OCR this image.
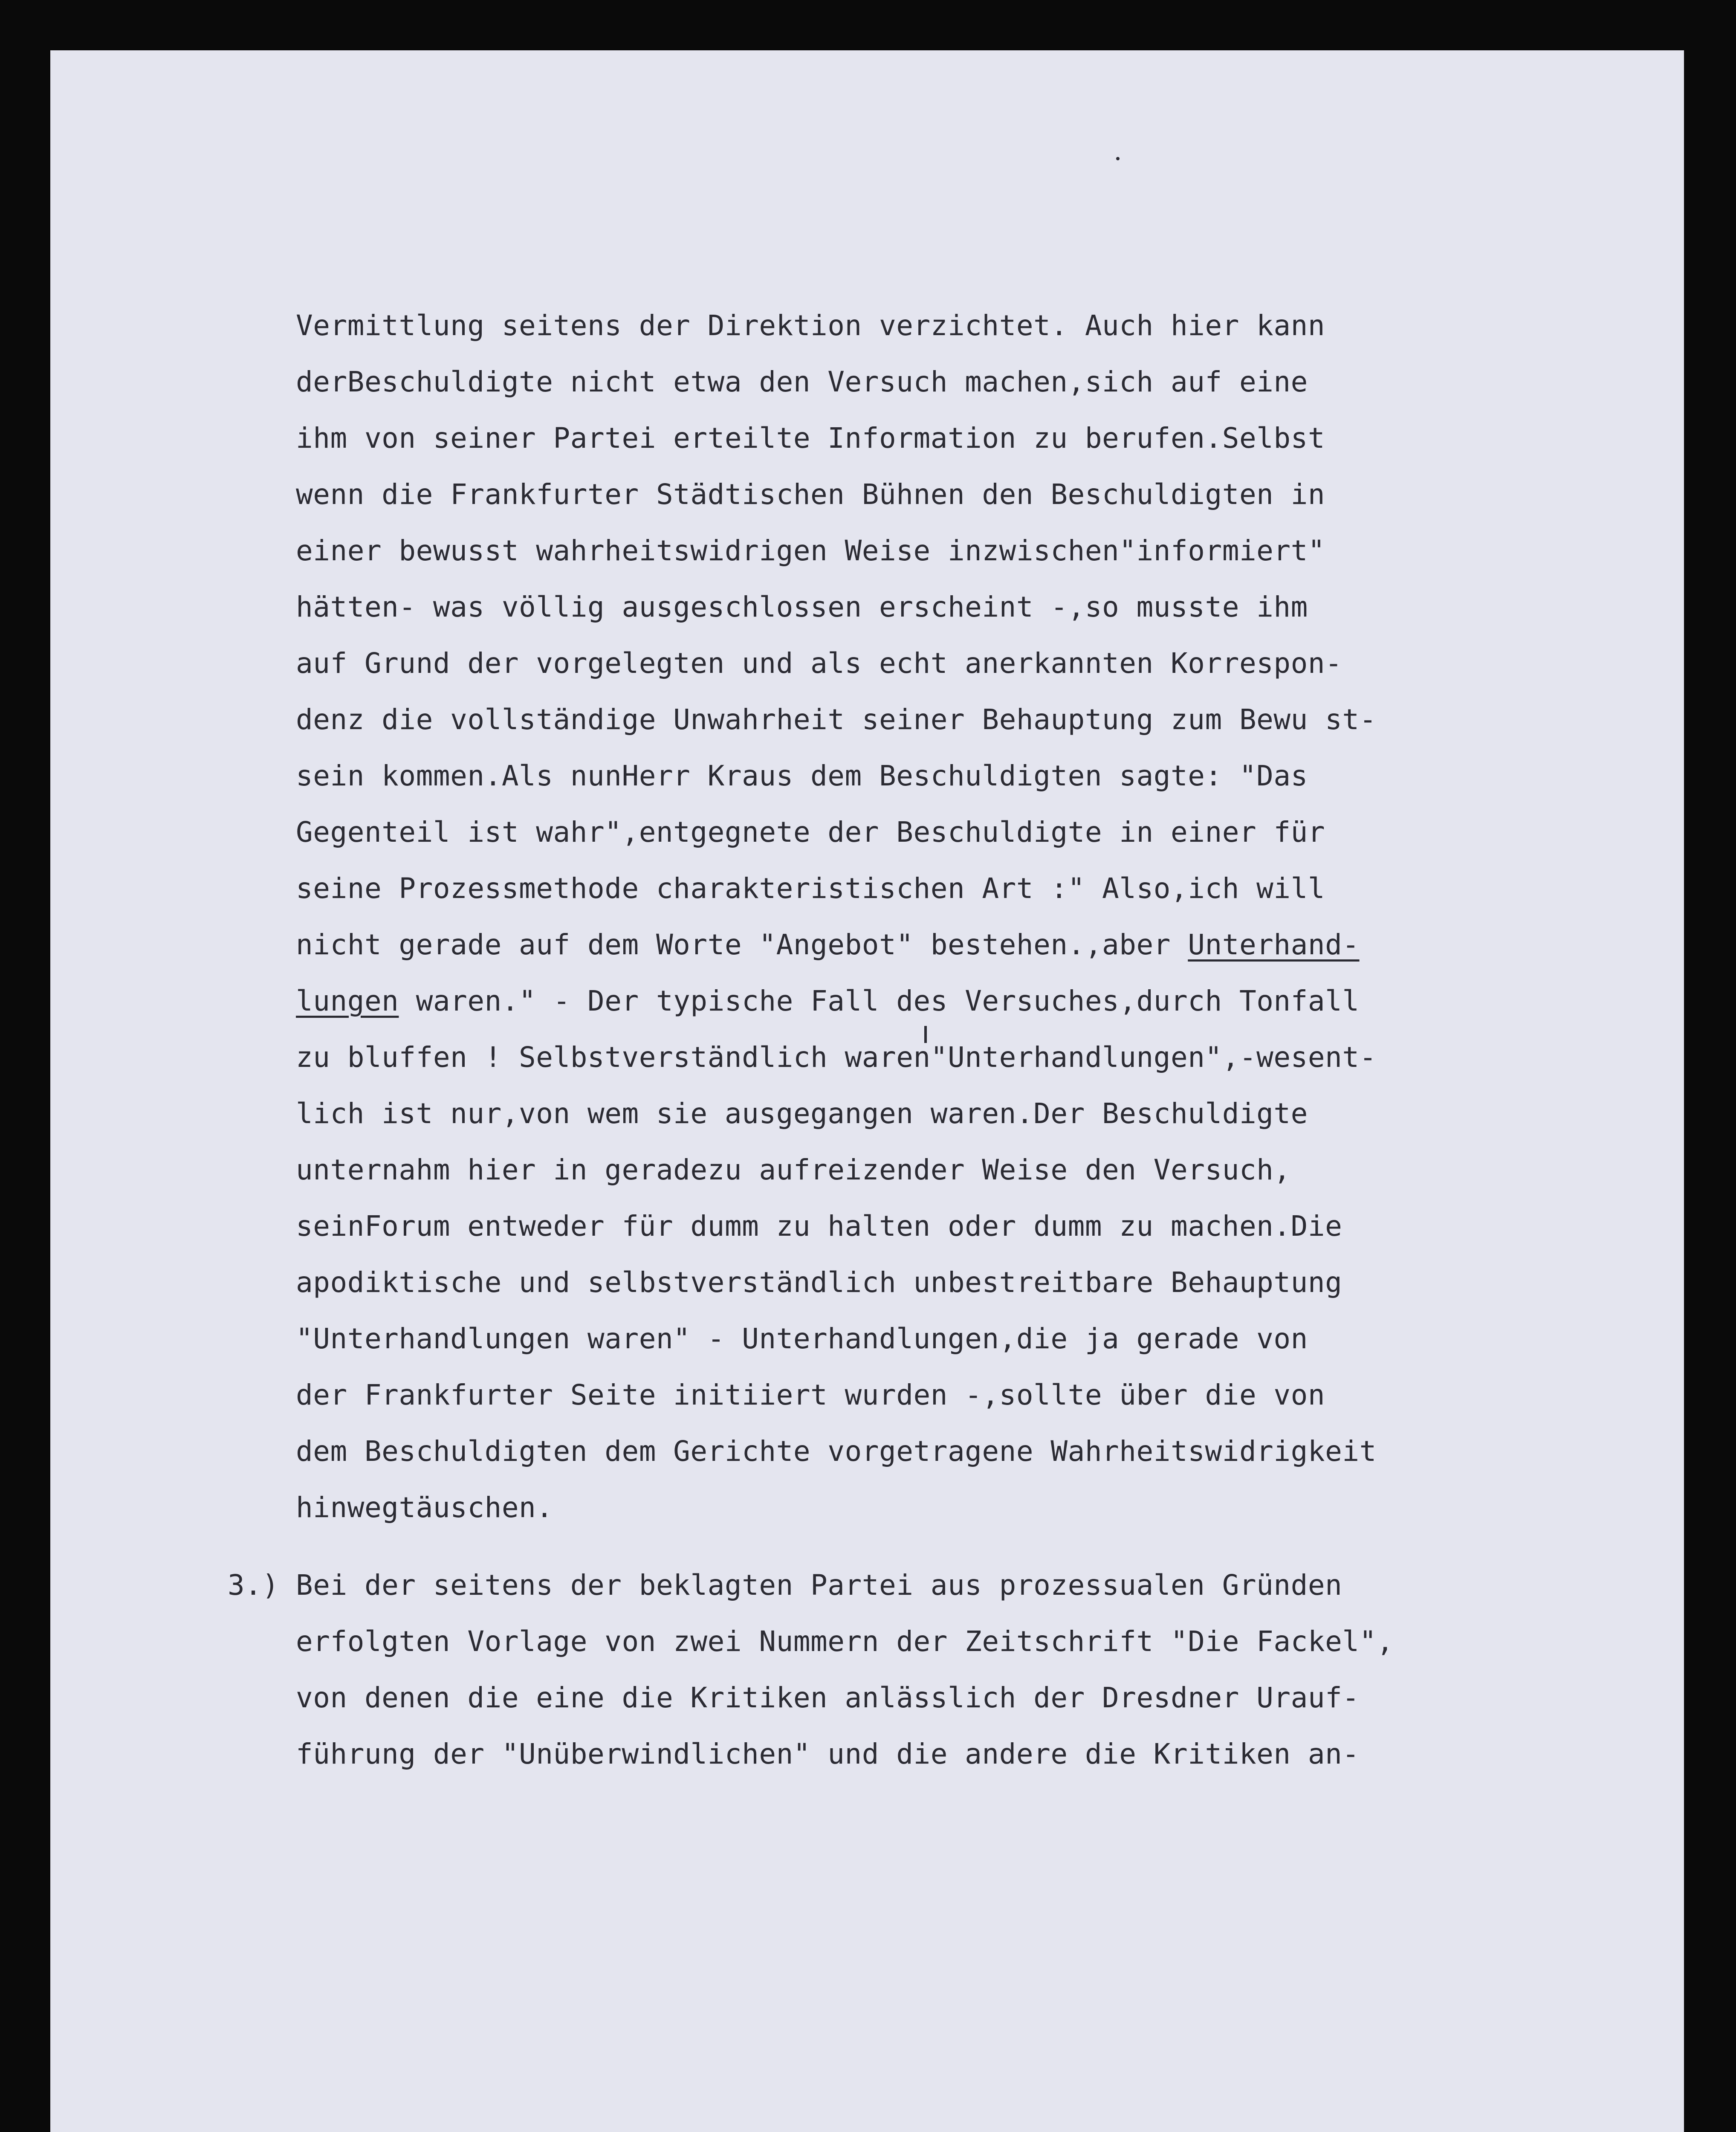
Vermittlung seitens der Direktion verzichtet. Auch hier kann
derBeschuldigte nicht etwa den Versuch machen,sich auf eine
ihm von seiner Partei erteilte Information zu berufen.Selbst
wenn die Frankfurter Städtischen Bühnen den Beschuldigten in
einer bewusst wahrheitswidrigen Weise inzwischen"informiert"
hätten- was völlig ausgeschlossen erscheint -,so musste ihm
auf Grund der vorgelegten und als echt anerkannten Korrespon-
denz die vollständige Unwahrheit seiner Behauptung zum Bewu st-
sein kommen.Als nunHerr Kraus dem Beschuldigten sagte: "Das
Gegenteil ist wahr",entgegnete der Beschuldigte in einer für
seine Prozessmethode charakteristischen Art :" Also,ich will
nicht gerade auf dem Worte "Angebot" bestehen.,aber Unterhand-
lungen waren." - Der typische Fall des Versuches,durch Tonfall
zu bluffen ! Selbstverständlich waren"Unterhandlungen",-wesent-
lich ist nur,von wem sie ausgegangen waren.Der Beschuldigte
unternahm hier in geradezu aufreizender Weise den Versuch,
seinForum entweder für dumm zu halten oder dumm zu machen.Die
apodiktische und selbstverständlich unbestreitbare Behauptung
"Unterhandlungen waren" - Unterhandlungen,die ja gerade von
der Frankfurter Seite initiiert wurden -,sollte über die von
dem Beschuldigten dem Gerichte vorgetragene Wahrheitswidrigkeit
hinwegtäuschen.
3.) Bei der seitens der beklagten Partei aus prozessualen Gründen
erfolgten Vorlage von zwei Nummern der Zeitschrift "Die Fackel",
von denen die eine die Kritiken anlässlich der Dresdner Urauf-
führung der "Unüberwindlichen" und die andere die Kritiken an-
